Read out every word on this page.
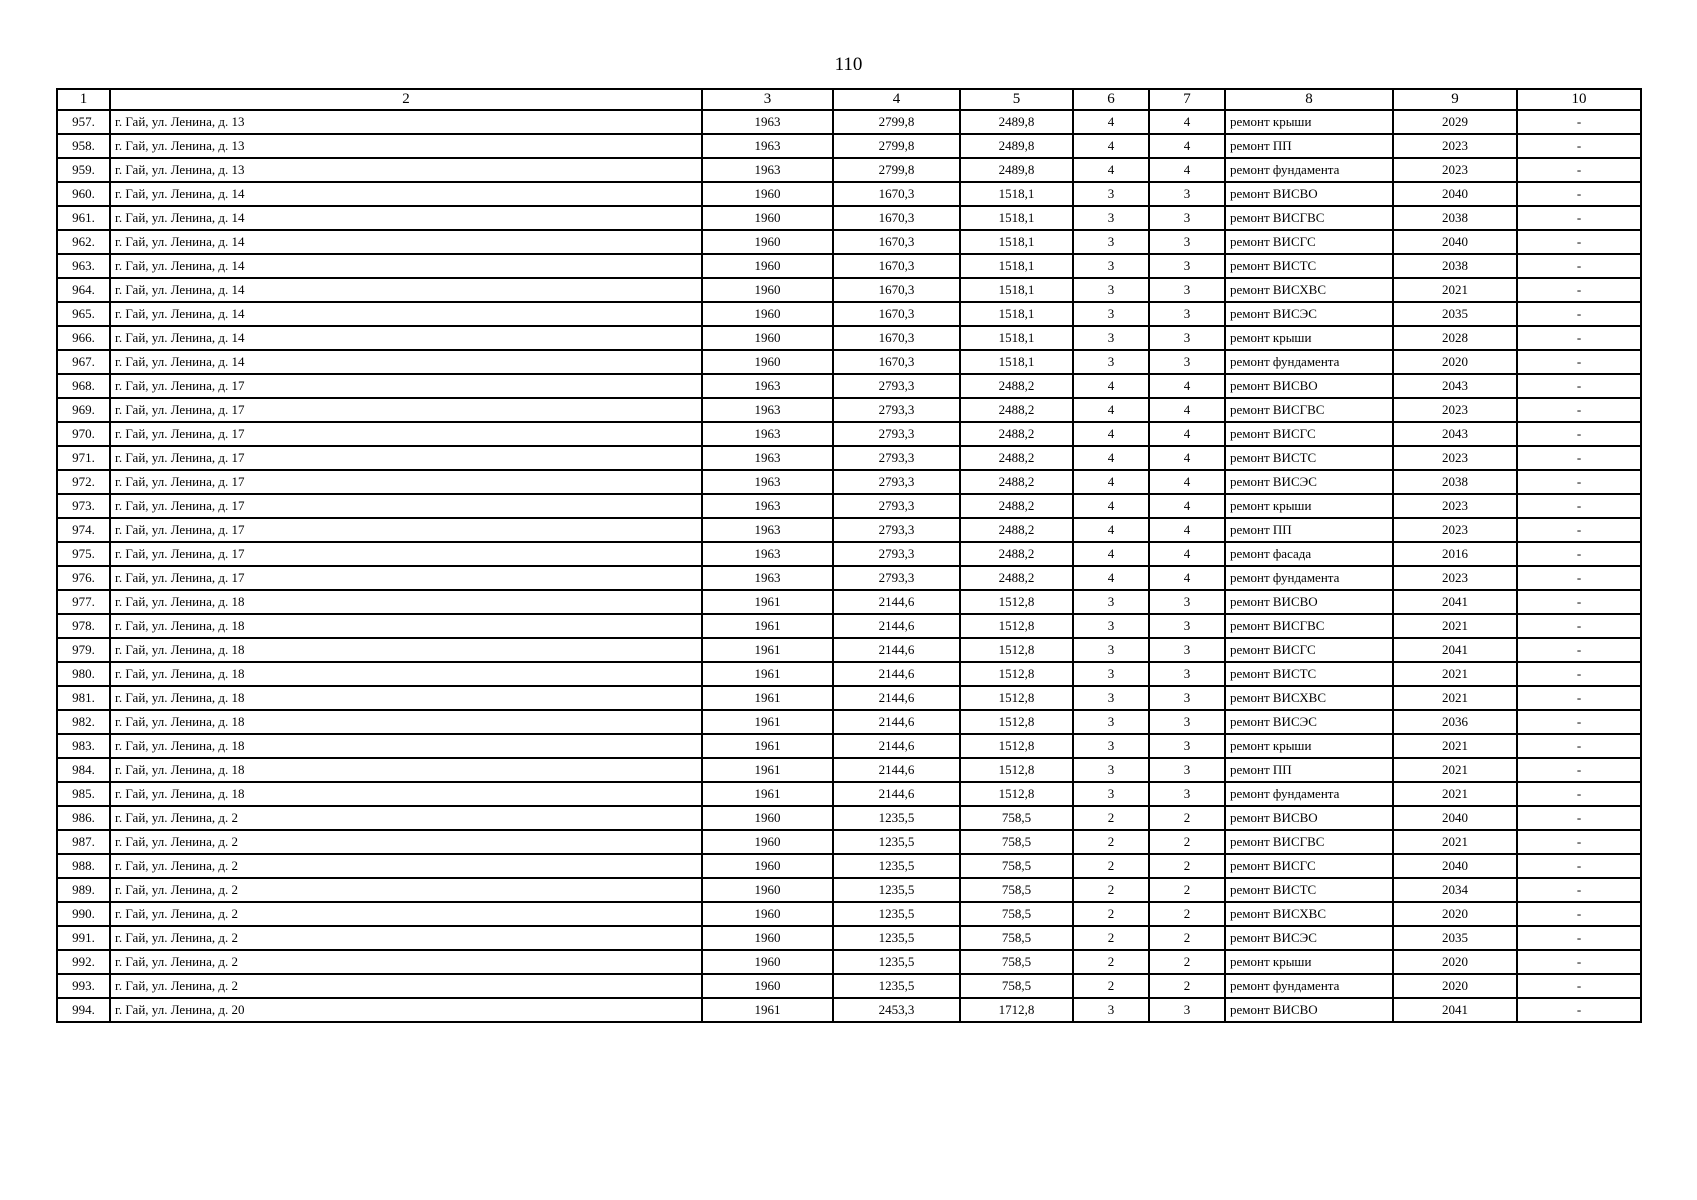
110
1	2	3	4	5	6	7	8	9	10
957.	г. Гай, ул. Ленина, д. 13	1963	2799,8	2489,8	4	4	ремонт крыши	2029	-
958.	г. Гай, ул. Ленина, д. 13	1963	2799,8	2489,8	4	4	ремонт ПП	2023	-
959.	г. Гай, ул. Ленина, д. 13	1963	2799,8	2489,8	4	4	ремонт фундамента	2023	-
960.	г. Гай, ул. Ленина, д. 14	1960	1670,3	1518,1	3	3	ремонт ВИСВО	2040	-
961.	г. Гай, ул. Ленина, д. 14	1960	1670,3	1518,1	3	3	ремонт ВИСГВС	2038	-
962.	г. Гай, ул. Ленина, д. 14	1960	1670,3	1518,1	3	3	ремонт ВИСГС	2040	-
963.	г. Гай, ул. Ленина, д. 14	1960	1670,3	1518,1	3	3	ремонт ВИСТС	2038	-
964.	г. Гай, ул. Ленина, д. 14	1960	1670,3	1518,1	3	3	ремонт ВИСХВС	2021	-
965.	г. Гай, ул. Ленина, д. 14	1960	1670,3	1518,1	3	3	ремонт ВИСЭС	2035	-
966.	г. Гай, ул. Ленина, д. 14	1960	1670,3	1518,1	3	3	ремонт крыши	2028	-
967.	г. Гай, ул. Ленина, д. 14	1960	1670,3	1518,1	3	3	ремонт фундамента	2020	-
968.	г. Гай, ул. Ленина, д. 17	1963	2793,3	2488,2	4	4	ремонт ВИСВО	2043	-
969.	г. Гай, ул. Ленина, д. 17	1963	2793,3	2488,2	4	4	ремонт ВИСГВС	2023	-
970.	г. Гай, ул. Ленина, д. 17	1963	2793,3	2488,2	4	4	ремонт ВИСГС	2043	-
971.	г. Гай, ул. Ленина, д. 17	1963	2793,3	2488,2	4	4	ремонт ВИСТС	2023	-
972.	г. Гай, ул. Ленина, д. 17	1963	2793,3	2488,2	4	4	ремонт ВИСЭС	2038	-
973.	г. Гай, ул. Ленина, д. 17	1963	2793,3	2488,2	4	4	ремонт крыши	2023	-
974.	г. Гай, ул. Ленина, д. 17	1963	2793,3	2488,2	4	4	ремонт ПП	2023	-
975.	г. Гай, ул. Ленина, д. 17	1963	2793,3	2488,2	4	4	ремонт фасада	2016	-
976.	г. Гай, ул. Ленина, д. 17	1963	2793,3	2488,2	4	4	ремонт фундамента	2023	-
977.	г. Гай, ул. Ленина, д. 18	1961	2144,6	1512,8	3	3	ремонт ВИСВО	2041	-
978.	г. Гай, ул. Ленина, д. 18	1961	2144,6	1512,8	3	3	ремонт ВИСГВС	2021	-
979.	г. Гай, ул. Ленина, д. 18	1961	2144,6	1512,8	3	3	ремонт ВИСГС	2041	-
980.	г. Гай, ул. Ленина, д. 18	1961	2144,6	1512,8	3	3	ремонт ВИСТС	2021	-
981.	г. Гай, ул. Ленина, д. 18	1961	2144,6	1512,8	3	3	ремонт ВИСХВС	2021	-
982.	г. Гай, ул. Ленина, д. 18	1961	2144,6	1512,8	3	3	ремонт ВИСЭС	2036	-
983.	г. Гай, ул. Ленина, д. 18	1961	2144,6	1512,8	3	3	ремонт крыши	2021	-
984.	г. Гай, ул. Ленина, д. 18	1961	2144,6	1512,8	3	3	ремонт ПП	2021	-
985.	г. Гай, ул. Ленина, д. 18	1961	2144,6	1512,8	3	3	ремонт фундамента	2021	-
986.	г. Гай, ул. Ленина, д. 2	1960	1235,5	758,5	2	2	ремонт ВИСВО	2040	-
987.	г. Гай, ул. Ленина, д. 2	1960	1235,5	758,5	2	2	ремонт ВИСГВС	2021	-
988.	г. Гай, ул. Ленина, д. 2	1960	1235,5	758,5	2	2	ремонт ВИСГС	2040	-
989.	г. Гай, ул. Ленина, д. 2	1960	1235,5	758,5	2	2	ремонт ВИСТС	2034	-
990.	г. Гай, ул. Ленина, д. 2	1960	1235,5	758,5	2	2	ремонт ВИСХВС	2020	-
991.	г. Гай, ул. Ленина, д. 2	1960	1235,5	758,5	2	2	ремонт ВИСЭС	2035	-
992.	г. Гай, ул. Ленина, д. 2	1960	1235,5	758,5	2	2	ремонт крыши	2020	-
993.	г. Гай, ул. Ленина, д. 2	1960	1235,5	758,5	2	2	ремонт фундамента	2020	-
994.	г. Гай, ул. Ленина, д. 20	1961	2453,3	1712,8	3	3	ремонт ВИСВО	2041	-
